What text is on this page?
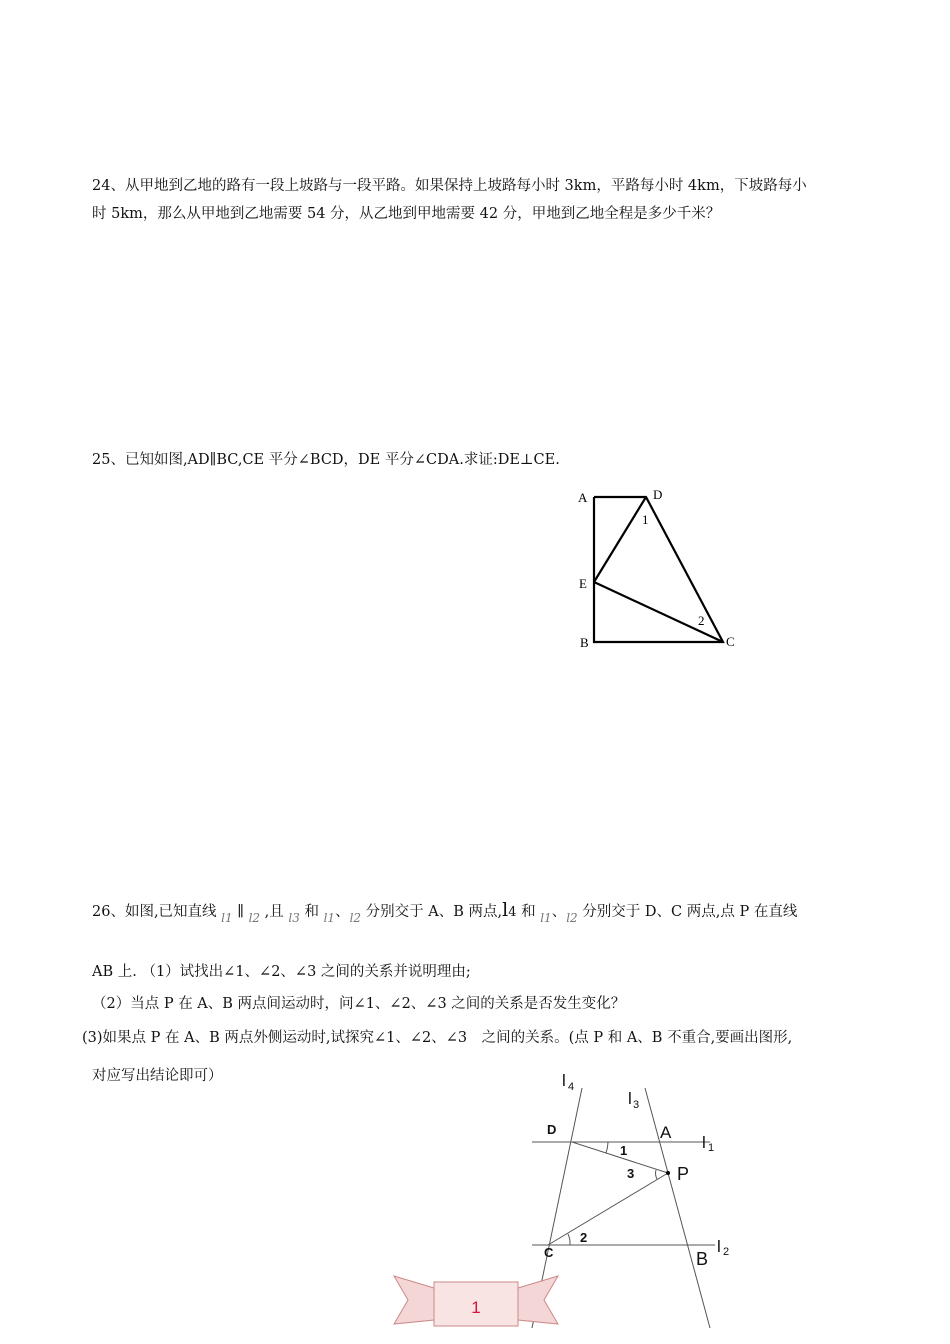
24、从甲地到乙地的路有一段上坡路与一段平路。如果保持上坡路每小时 3km，平路每小时 4km，下坡路每小

时 5km，那么从甲地到乙地需要 54 分，从乙地到甲地需要 42 分，甲地到乙地全程是多少千米？

25、已知如图,AD∥BC,CE 平分∠BCD，DE 平分∠CDA.求证:DE⊥CE.

A	D
1
E
2
B	C
26、如图,已知直线 l1 ∥ l2 ,且 l3 和 l1、l2 分别交于 A、B 两点,l4 和 l1、l2 分别交于 D、C 两点,点 P 在直线
AB 上. （1）试找出∠1、∠2、∠3 之间的关系并说明理由;
（2）当点 P 在 A、B 两点间运动时，问∠1、∠2、∠3 之间的关系是否发生变化？
(3)如果点 P 在 A、B 两点外侧运动时,试探究∠1、∠2、∠3　之间的关系。(点 P 和 A、B 不重合,要画出图形,
对应写出结论即可）	l 4
l 3
D	A
l 1
1
3 P
2	l 2
C	B
1
